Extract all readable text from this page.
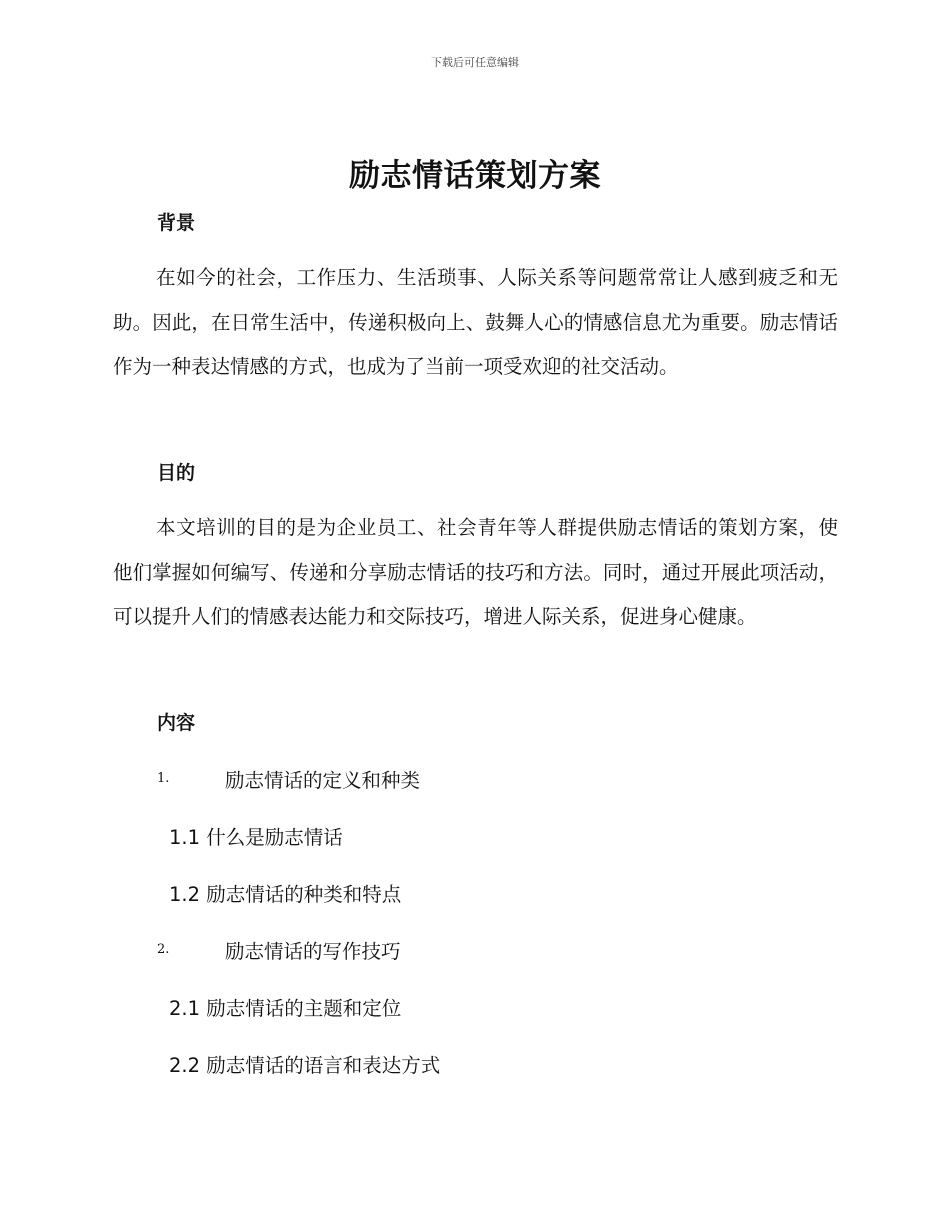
下载后可任意编辑
励志情话策划方案
背景

在如今的社会，工作压力、生活琐事、人际关系等问题常常让人感到疲乏和无助。因此，在日常生活中，传递积极向上、鼓舞人心的情感信息尤为重要。励志情话作为一种表达情感的方式，也成为了当前一项受欢迎的社交活动。

目的

本文培训的目的是为企业员工、社会青年等人群提供励志情话的策划方案，使他们掌握如何编写、传递和分享励志情话的技巧和方法。同时，通过开展此项活动，可以提升人们的情感表达能力和交际技巧，增进人际关系，促进身心健康。

内容
1.	励志情话的定义和种类
1.1 什么是励志情话
1.2 励志情话的种类和特点
2.	励志情话的写作技巧
2.1 励志情话的主题和定位
2.2 励志情话的语言和表达方式
